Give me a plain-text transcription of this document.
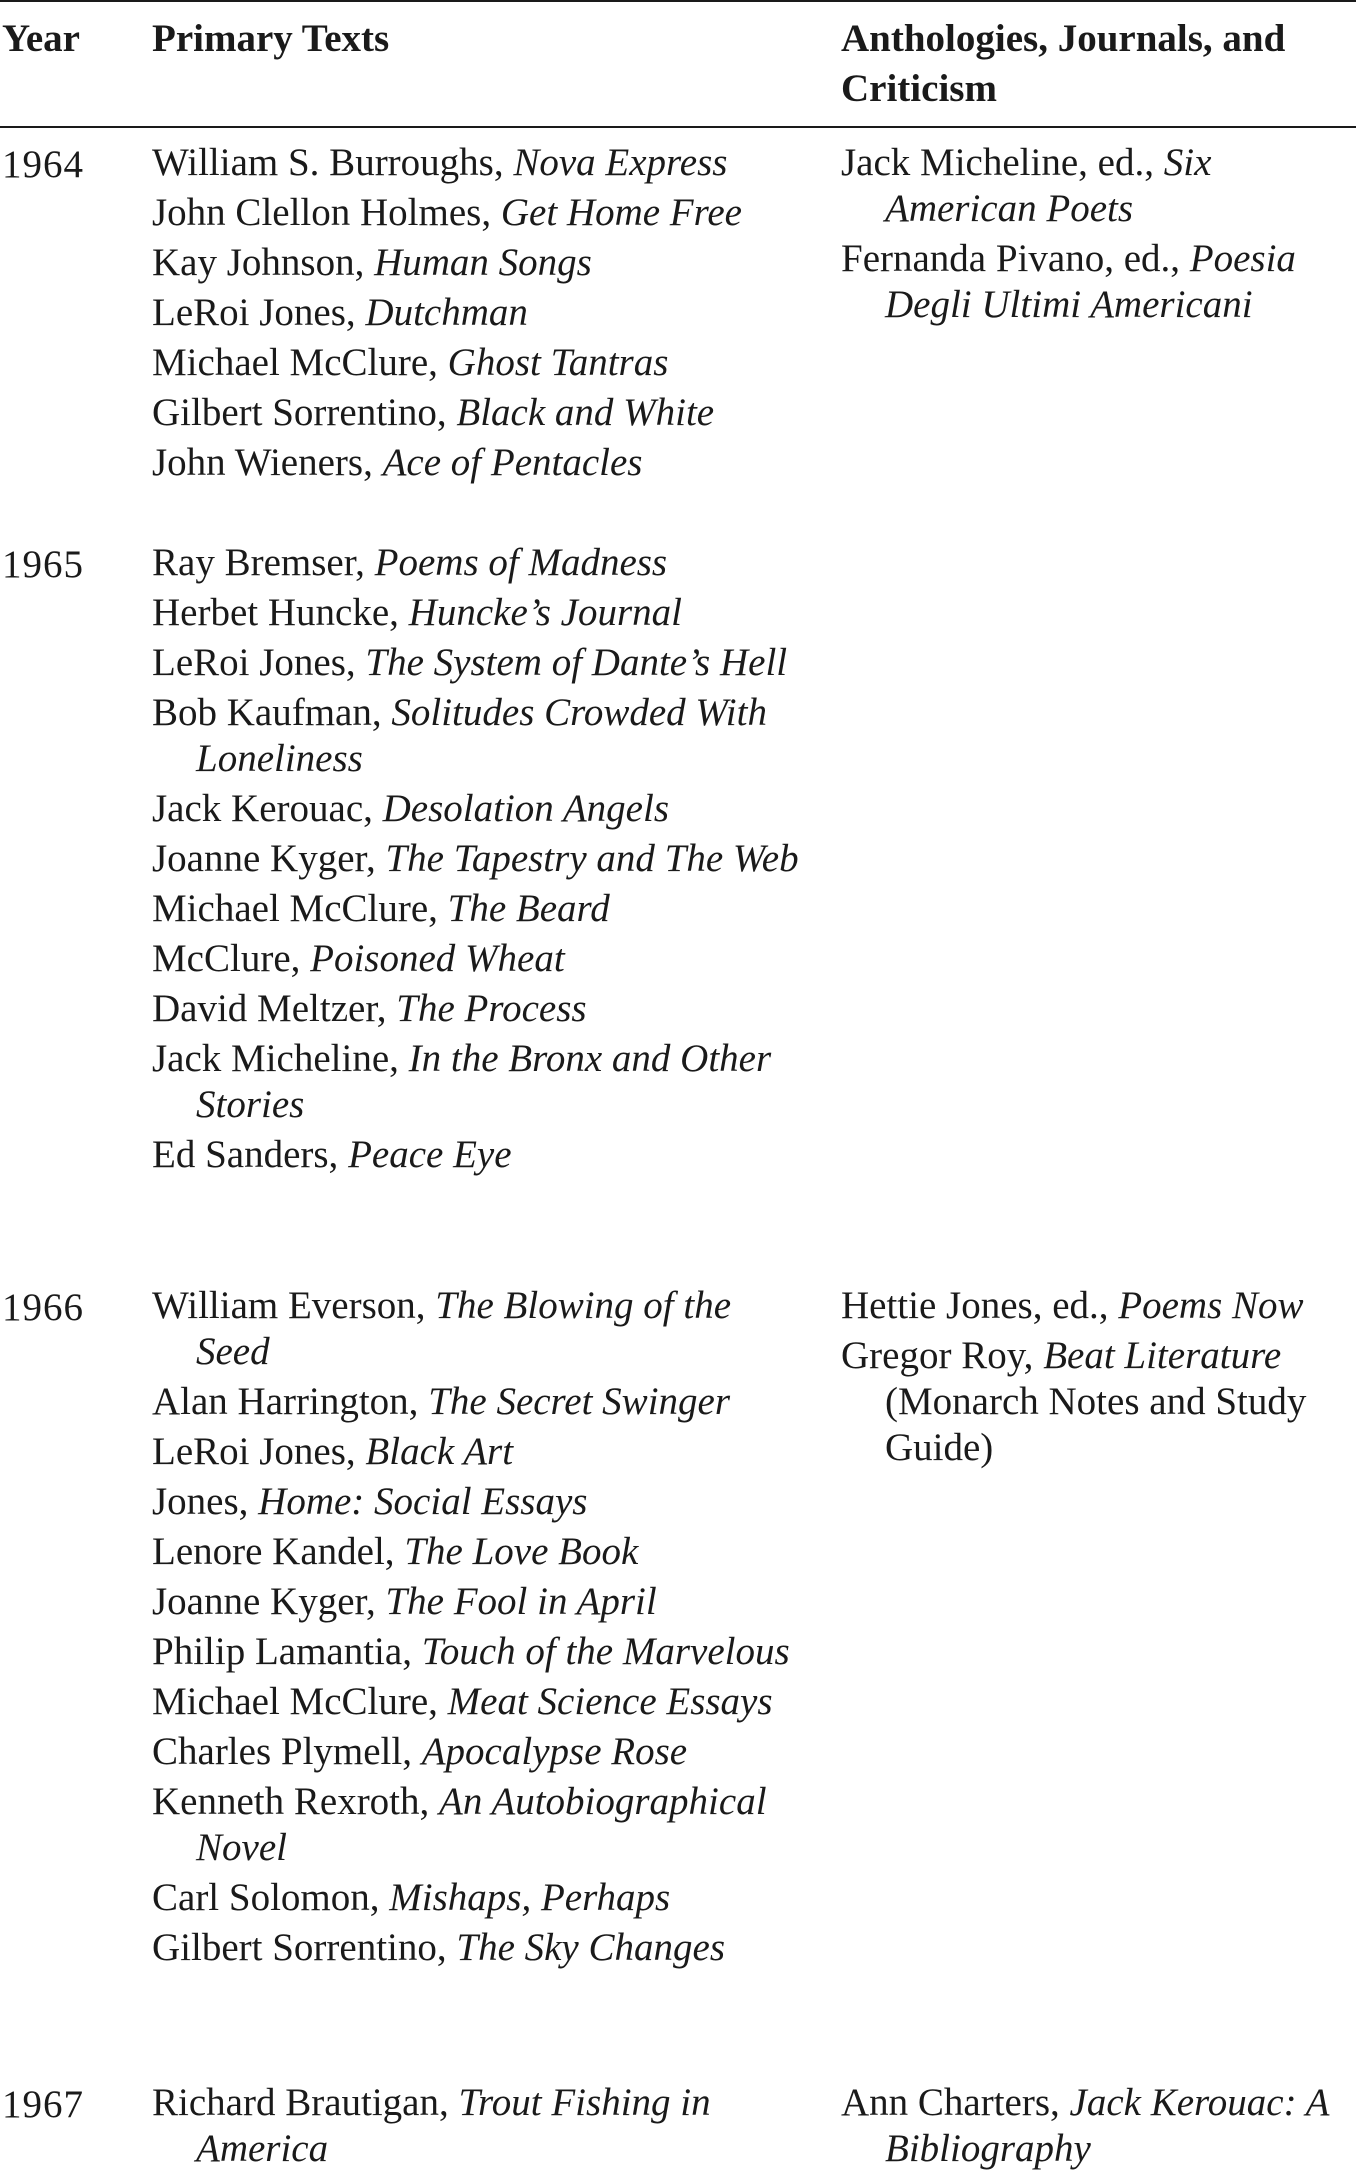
Year Primary Texts	Anthologies, Journals, and Criticism
1964 William S. Burroughs, Nova Express

John Clellon Holmes, Get Home Free

Kay Johnson, Human Songs

LeRoi Jones, Dutchman

Michael McClure, Ghost Tantras

Gilbert Sorrentino, Black and White

John Wieners, Ace of Pentacles

Jack Micheline, ed., Six American Poets

Fernanda Pivano, ed., Poesia Degli Ultimi Americani

1965 Ray Bremser, Poems of Madness

Herbet Huncke, Huncke’s Journal

LeRoi Jones, The System of Dante’s Hell

Bob Kaufman, Solitudes Crowded With Loneliness

Jack Kerouac, Desolation Angels

Joanne Kyger, The Tapestry and The Web

Michael McClure, The Beard

McClure, Poisoned Wheat

David Meltzer, The Process

Jack Micheline, In the Bronx and Other Stories

Ed Sanders, Peace Eye

1966 William Everson, The Blowing of the Seed

Alan Harrington, The Secret Swinger

LeRoi Jones, Black Art

Jones, Home: Social Essays

Lenore Kandel, The Love Book

Joanne Kyger, The Fool in April

Philip Lamantia, Touch of the Marvelous

Michael McClure, Meat Science Essays

Charles Plymell, Apocalypse Rose

Kenneth Rexroth, An Autobiographical Novel

Carl Solomon, Mishaps, Perhaps

Gilbert Sorrentino, The Sky Changes

Hettie Jones, ed., Poems Now

Gregor Roy, Beat Literature (Monarch Notes and Study Guide)

1967 Richard Brautigan, Trout Fishing in America

Ann Charters, Jack Kerouac: A Bibliography
